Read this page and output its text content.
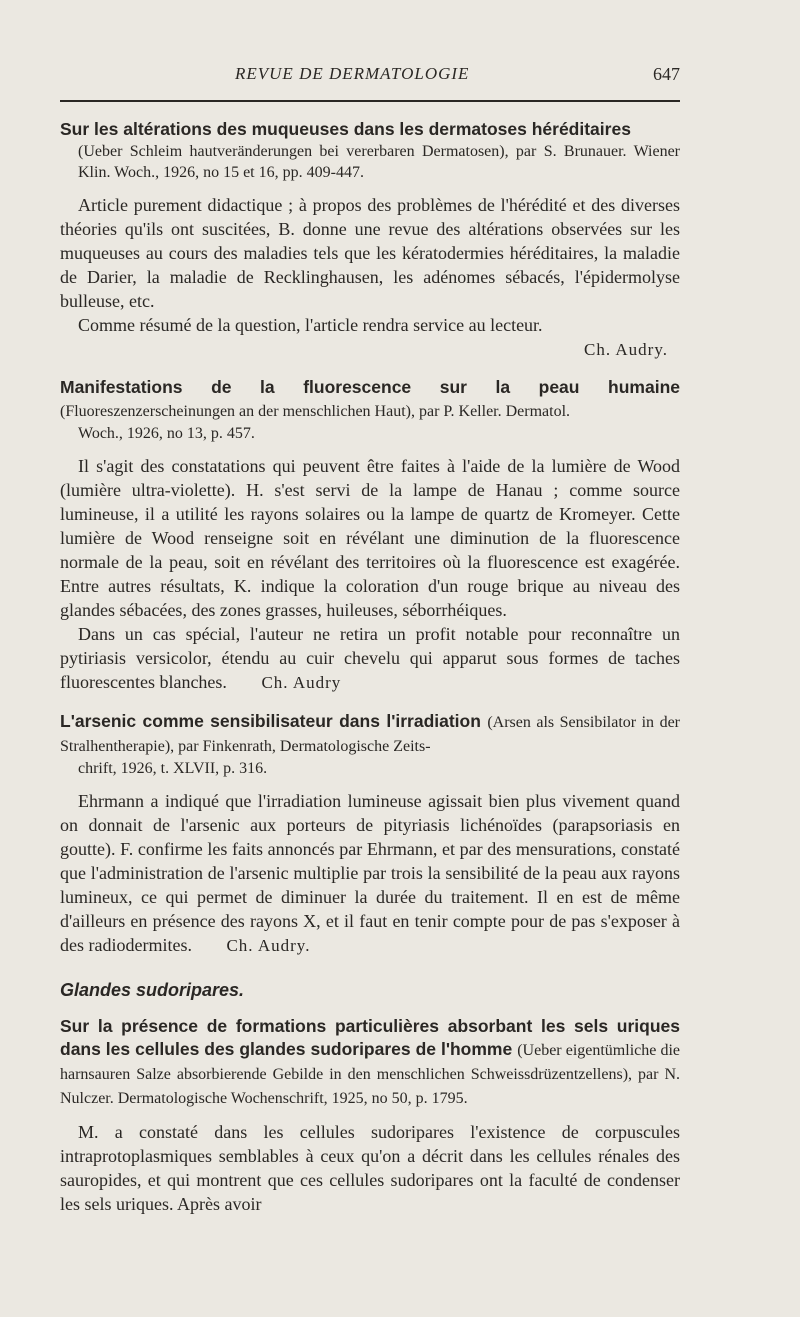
REVUE DE DERMATOLOGIE	647

Sur les altérations des muqueuses dans les dermatoses héréditaires

(Ueber Schleim hautveränderungen bei vererbaren Dermatosen), par S. Brunauer. Wiener Klin. Woch., 1926, no 15 et 16, pp. 409-447.

Article purement didactique ; à propos des problèmes de l'hérédité et des diverses théories qu'ils ont suscitées, B. donne une revue des altérations observées sur les muqueuses au cours des maladies tels que les kératodermies héréditaires, la maladie de Darier, la maladie de Recklinghausen, les adénomes sébacés, l'épidermolyse bulleuse, etc.

Comme résumé de la question, l'article rendra service au lecteur.

Ch. Audry.

Manifestations de la fluorescence sur la peau humaine (Fluoreszenzerscheinungen an der menschlichen Haut), par P. Keller. Dermatol.

Woch., 1926, no 13, p. 457.

Il s'agit des constatations qui peuvent être faites à l'aide de la lumière de Wood (lumière ultra-violette). H. s'est servi de la lampe de Hanau ; comme source lumineuse, il a utilité les rayons solaires ou la lampe de quartz de Kromeyer. Cette lumière de Wood renseigne soit en révélant une diminution de la fluorescence normale de la peau, soit en révélant des territoires où la fluorescence est exagérée. Entre autres résultats, K. indique la coloration d'un rouge brique au niveau des glandes sébacées, des zones grasses, huileuses, séborrhéiques.

Dans un cas spécial, l'auteur ne retira un profit notable pour reconnaître un pytiriasis versicolor, étendu au cuir chevelu qui apparut sous formes de taches fluorescentes blanches. Ch. Audry

L'arsenic comme sensibilisateur dans l'irradiation (Arsen als Sensibilator in der Stralhentherapie), par Finkenrath, Dermatologische Zeits-

chrift, 1926, t. XLVII, p. 316.

Ehrmann a indiqué que l'irradiation lumineuse agissait bien plus vivement quand on donnait de l'arsenic aux porteurs de pityriasis lichénoïdes (parapsoriasis en goutte). F. confirme les faits annoncés par Ehrmann, et par des mensurations, constaté que l'administration de l'arsenic multiplie par trois la sensibilité de la peau aux rayons lumineux, ce qui permet de diminuer la durée du traitement. Il en est de même d'ailleurs en présence des rayons X, et il faut en tenir compte pour de pas s'exposer à des radiodermites. Ch. Audry.

Glandes sudoripares.

Sur la présence de formations particulières absorbant les sels uriques dans les cellules des glandes sudoripares de l'homme (Ueber eigentümliche die harnsauren Salze absorbierende Gebilde in den menschlichen Schweissdrüzentzellens), par N. Nulczer. Dermatologische Wochenschrift, 1925, no 50, p. 1795.

M. a constaté dans les cellules sudoripares l'existence de corpuscules intraprotoplasmiques semblables à ceux qu'on a décrit dans les cellules rénales des sauropides, et qui montrent que ces cellules sudoripares ont la faculté de condenser les sels uriques. Après avoir
